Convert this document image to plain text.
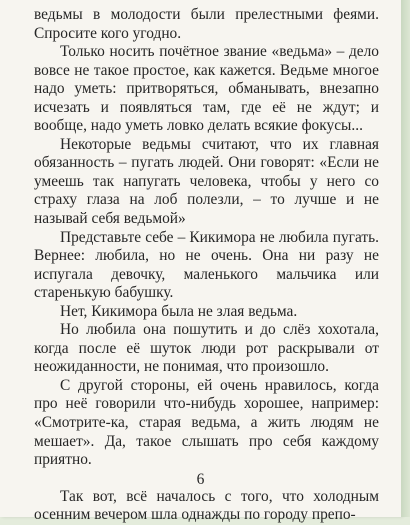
ведьмы в молодости были прелестными феями. Спросите кого угодно.

Только носить почётное звание «ведьма» – дело вовсе не такое простое, как кажется. Ведьме многое надо уметь: притворяться, обманывать, внезапно исчезать и появляться там, где её не ждут; и вообще, надо уметь ловко делать всякие фокусы...

Некоторые ведьмы считают, что их главная обязанность – пугать людей. Они говорят: «Если не умеешь так напугать человека, чтобы у него со страху глаза на лоб полезли, – то лучше и не называй себя ведьмой»

Представьте себе – Кикимора не любила пугать. Вернее: любила, но не очень. Она ни разу не испугала девочку, маленького мальчика или старенькую бабушку.

Нет, Кикимора была не злая ведьма.

Но любила она пошутить и до слёз хохотала, когда после её шуток люди рот раскрывали от неожиданности, не понимая, что произошло.

С другой стороны, ей очень нравилось, когда про неё говорили что-нибудь хорошее, например: «Смотрите-ка, старая ведьма, а жить людям не мешает». Да, такое слышать про себя каждому приятно.

Так вот, всё началось с того, что холодным осенним вечером шла однажды по городу препо-

6
